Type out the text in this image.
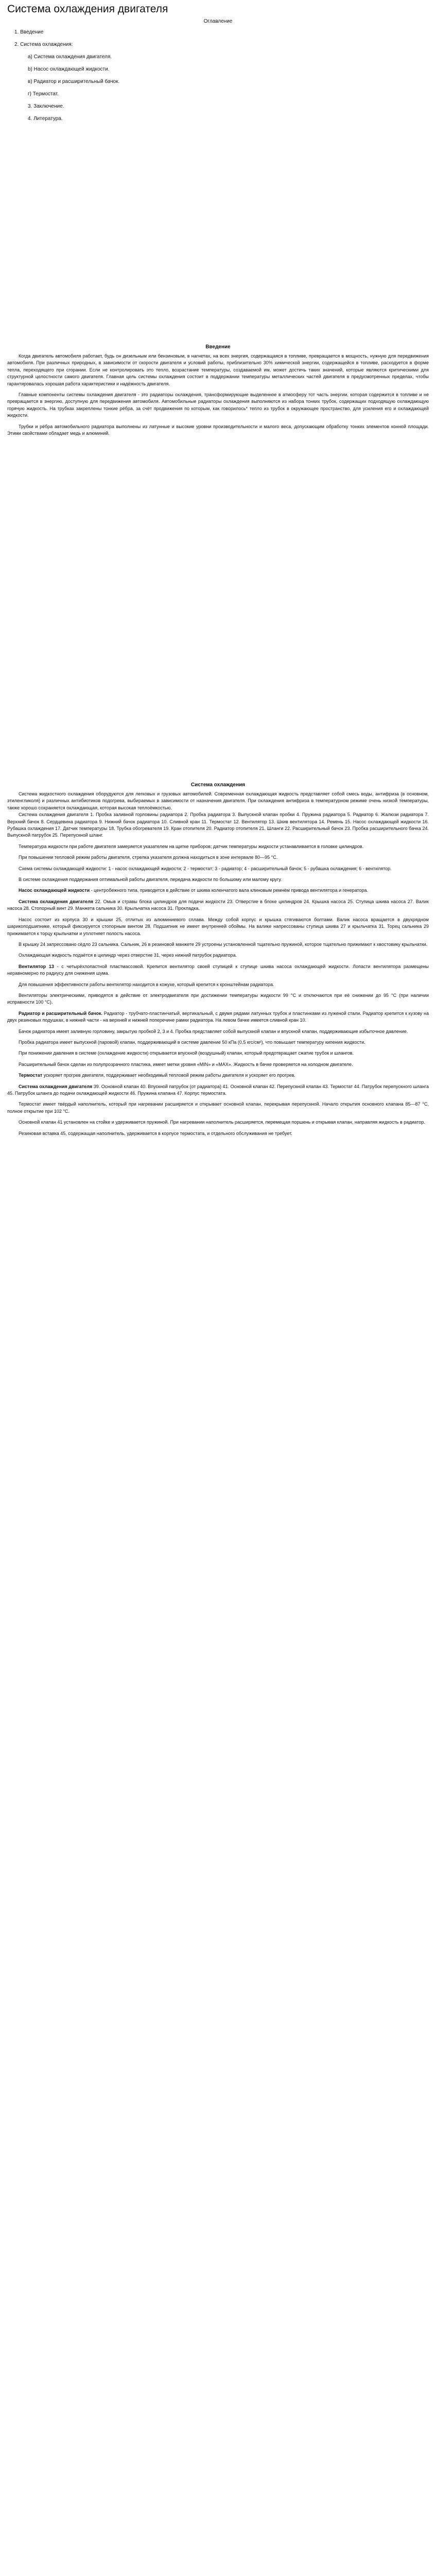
Система охлаждения двигателя
Оглавление
1. Введение
2. Система охлаждения:
а) Система охлаждения двигателя.
b) Насос охлаждающей жидкости.
в) Радиатор и расширительный бачок.
г) Термостат.
3. Заключение.
4. Литература.
Введение

Когда двигатель автомобиля работает, будь он дизельным или бензиновым, в нагнетах, на всех энергия, содержащаяся в топливе, превращается в мощность, нужную для передвижения автомобиля. При различных природных, в зависимости от скорости двигателя и условий работы, приблизительно 30% химической энергии, содержащейся в топливе, расходуется в форме тепла, переходящего при сгорании. Если не контролировать это тепло, возрастание температуры, создаваемой им, может достичь таких значений, которые являются критическими для структурной целостности самого двигателя. Главная цель системы охлаждения состоит в поддержании температуры металлических частей двигателя в предусмотренных пределах, чтобы гарантировалась хорошая работа характеристики и надёжность двигателя.

Главные компоненты системы охлаждения двигателя - это радиаторы охлаждения, трансформирующие выделенное в атмосферу тот часть энергии, которая содержится в топливе и не превращается в энергию, доступную для передвижения автомобиля. Автомобильные радиаторы охлаждения выполняются из набора тонких трубок, содержащих подходящую охлаждающую горячую жидкость. На трубках закреплены тонкие рёбра, за счёт продвижения по которым, как говорилось* тепло из трубок в окружающее пространство, для усиления его и охлаждающей жидкости.

Трубки и рёбра автомобильного радиатора выполнены из латунные и высокие уровни производительности и малого веса, допускающим обработку тонких элементов конной площади. Этими свойствами обладает медь и алюминий.

Система охлаждения

Система жидкостного охлаждения оборудуются для легковых и грузовых автомобилей. Современная охлаждающая жидкость представляет собой смесь воды, антифриза (в основном, этиленгликоля) и различных антибиотиков подогрева, выбираемых в зависимости от назначения двигателя. При охлаждения антифриза в температурном режиме очень низкой температуры, также хорошо сохраняется охлаждающая, которая высокая теплоёмкостью.

Система охлаждения двигателя 1. Пробка заливной горловины радиатора 2. Пробка радиатора 3. Выпускной клапан пробки 4. Пружина радиатора 5. Радиатор 6. Жалюзи радиатора 7. Верхний бачок 8. Сердцевина радиатора 9. Нижний бачок радиатора 10. Сливной кран 11. Термостат 12. Вентилятор 13. Шкив вентилятора 14. Ремень 15. Насос охлаждающей жидкости 16. Рубашка охлаждения 17. Датчик температуры 18. Трубка обогревателя 19. Кран отопителя 20. Радиатор отопителя 21. Шланги 22. Расширительный бачок 23. Пробка расширительного бачка 24. Выпускной патрубок 25. Перепускной шланг.

Температура жидкости при работе двигателя замеряется указателем на щитке приборов; датчик температуры жидкости устанавливается в головке цилиндров.

При повышении тепловой режим работы двигателя, стрелка указателя должна находиться в зоне интервале 80—95 °С.

Схема системы охлаждающей жидкости: 1 - насос охлаждающей жидкости; 2 - термостат; 3 - радиатор; 4 - расширительный бачок; 5 - рубашка охлаждения; 6 - вентилятор.

В системе охлаждения поддержания оптимальной работы двигателя, передача жидкости по большому или малому кругу.

Насос охлаждающей жидкости - центробежного типа, приводится в действие от шкива коленчатого вала клиновым ремнём привода вентилятора и генератора.

Система охлаждения двигателя 22. Омыв и стравы блока цилиндров для подачи жидкости 23. Отверстие в блоке цилиндров 24. Крышка насоса 25. Ступица шкива насоса 27. Валик насоса 28. Стопорный винт 29. Манжета сальника 30. Крыльчатка насоса 31. Прокладка.

Насос состоит из корпуса 30 и крышки 25, отлитых из алюминиевого сплава. Между собой корпус и крышка стягиваются болтами. Валик насоса вращается в двухрядном шарикоподшипнике, который фиксируется стопорным винтом 28. Подшипник не имеет внутренней обоймы. На валике напрессованы ступица шкива 27 и крыльчатка 31. Торец сальника 29 прижимается к торцу крыльчатки и уплотняет полость насоса.

В крышку 24 запрессовано сёдло 23 сальника. Сальник, 26 в резиновой манжете 29 устроены установленной тщательно пружиной, которое тщательно прижимают к хвостовику крыльчатки.

Охлаждающая жидкость подаётся в цилиндр через отверстие 31, через нижний патрубок радиатора.

Вентилятор 13 - с четырёхлопастной пластмассовой. Крепится вентилятор своей ступицей к ступице шкива насоса охлаждающей жидкости. Лопасти вентилятора размещены неравномерно по радиусу для снижения шума.

Для повышения эффективности работы вентилятор находится в кожухе, который крепится к кронштейнам радиатора.

Вентиляторы электрическими, приводятся в действие от электродвигателя при достижении температуры жидкости 99 °С и отключаются при её снижении до 95 °С (при наличии исправности 100 °С).

Радиатор и расширительный бачок. Радиатор - трубчато-пластинчатый, вертикальный, с двумя рядами латунных трубок и пластинками из луженой стали. Радиатор крепится к кузову на двух резиновых подушках, в нижней части - на верхней и нижней поперечине рамки радиатора. На левом бачке имеется сливной кран 10.

Бачок радиатора имеет заливную горловину, закрытую пробкой 2, 3 и 4. Пробка представляет собой выпускной клапан и впускной клапан, поддерживающие избыточное давление.

Пробка радиатора имеет выпускной (паровой) клапан, поддерживающий в системе давление 50 кПа (0,5 кгс/см²), что повышает температуру кипения жидкости.

При понижении давления в системе (охлаждение жидкости) открывается впускной (воздушный) клапан, который предотвращает сжатие трубок и шлангов.

Расширительный бачок сделан из полупрозрачного пластика, имеет метки уровня «MIN» и «MAX». Жидкость в бачке проверяется на холодном двигателе.

Термостат ускоряет прогрев двигателя, поддерживает необходимый тепловой режим работы двигателя и ускоряет его прогрев.

Система охлаждения двигателя 39. Основной клапан 40. Впускной патрубок (от радиатора) 41. Основной клапан 42. Перепускной клапан 43. Термостат 44. Патрубок перепускного шланга 45. Патрубок шланга до подачи охлаждающей жидкости 46. Пружина клапана 47. Корпус термостата.

Термостат имеет твёрдый наполнитель, который при нагревании расширяется и открывает основной клапан, перекрывая перепускной. Начало открытия основного клапана 85—87 °С, полное открытие при 102 °С.

Основной клапан 41 установлен на стойке и удерживается пружиной. При нагревании наполнитель расширяется, перемещая поршень и открывая клапан, направляя жидкость в радиатор.

Резиновая вставка 45, содержащая наполнитель, удерживается в корпусе термостата, и отдельного обслуживания не требует.
